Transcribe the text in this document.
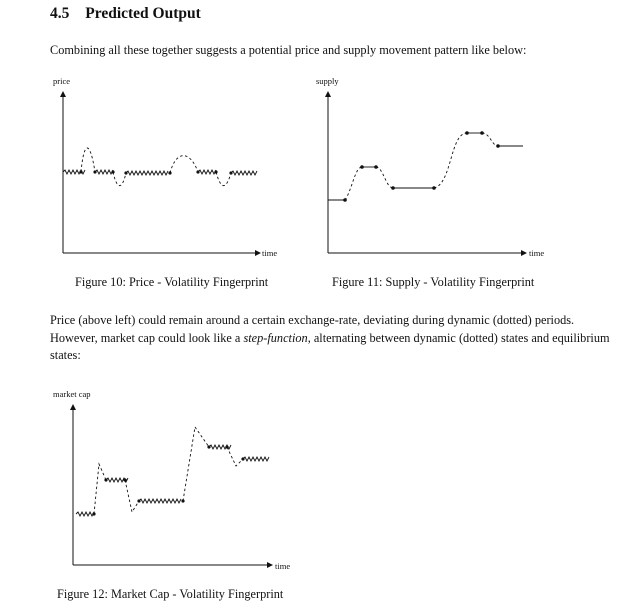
4.5 Predicted Output
Combining all these together suggests a potential price and supply movement pattern like below:
price
time
supply
time
market cap
time
Figure 10: Price - Volatility Fingerprint	Figure 11: Supply - Volatility Fingerprint
Price (above left) could remain around a certain exchange-rate, deviating during dynamic (dotted) periods. However, market cap could look like a step-function, alternating between dynamic (dotted) states and equilibrium states:
Figure 12: Market Cap - Volatility Fingerprint
